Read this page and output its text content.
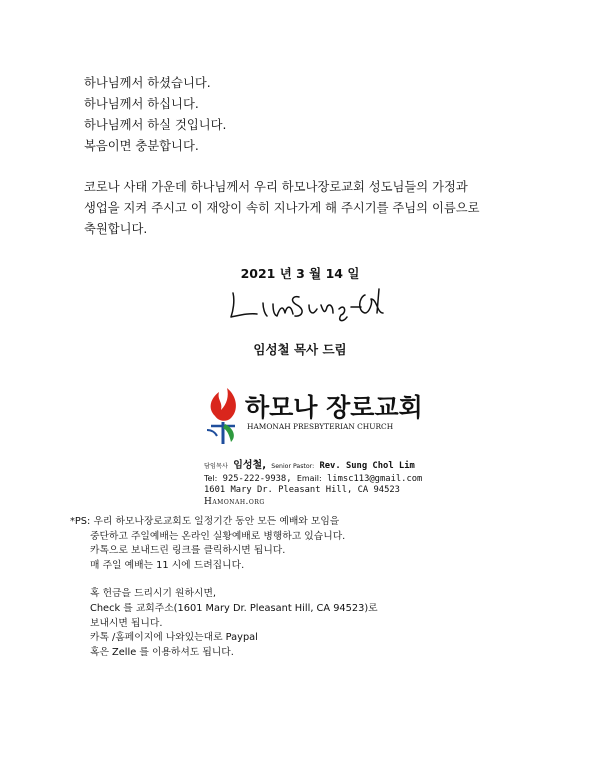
하나님께서 하셨습니다.
하나님께서 하십니다.
하나님께서 하실 것입니다.
복음이면 충분합니다.
코로나 사태 가운데 하나님께서 우리 하모나장로교회 성도님들의 가정과
생업을 지켜 주시고 이 재앙이 속히 지나가게 해 주시기를 주님의 이름으로
축원합니다.
2021 년 3 월 14 일
임성철 목사 드림
하모나 장로교회
HAMONAH PRESBYTERIAN CHURCH
담임목사 임성철, Senior Pastor: Rev. Sung Chol Lim
Tel: 925-222-9938, Email: limsc113@gmail.com
1601 Mary Dr. Pleasant Hill, CA 94523
Hamonah.org
*PS: 우리 하모나장로교회도 일정기간 동안 모든 예배와 모임을
중단하고 주일예배는 온라인 실황예배로 병행하고 있습니다.
카톡으로 보내드린 링크를 클릭하시면 됩니다.
매 주일 예배는 11 시에 드려집니다.
혹 헌금을 드리시기 원하시면,
Check 를 교회주소(1601 Mary Dr. Pleasant Hill, CA 94523)로
보내시면 됩니다.
카톡 /홈페이지에 나와있는대로 Paypal
혹은 Zelle 를 이용하셔도 됩니다.
